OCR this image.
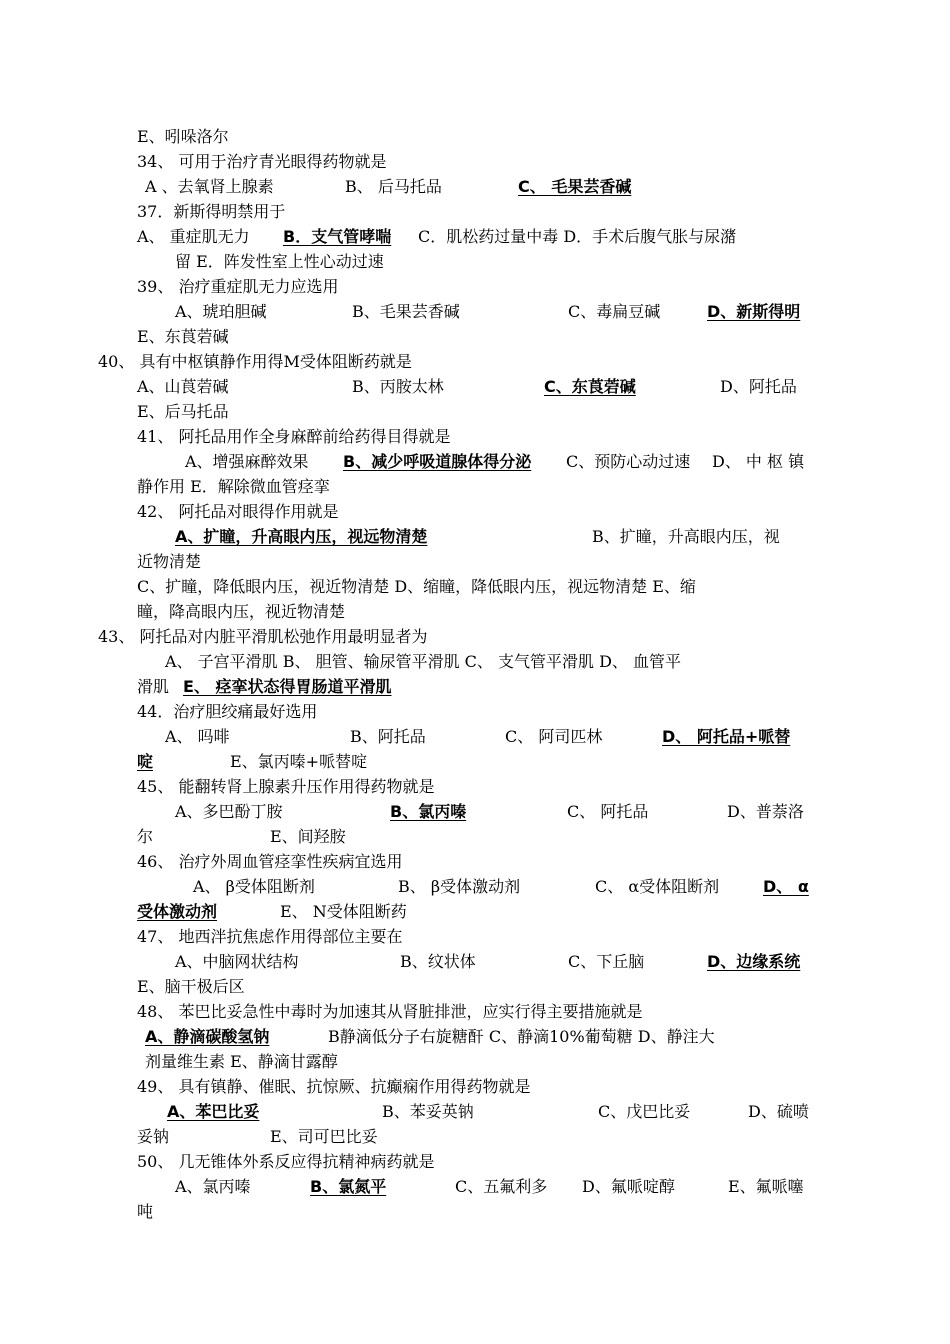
E、吲哚洛尔
34、 可用于治疗青光眼得药物就是
A 、去氧肾上腺素	B、 后马托品	C、 毛果芸香碱
37．新斯得明禁用于
A、 重症肌无力 B．支气管哮喘 C．肌松药过量中毒 D．手术后腹气胀与尿潴
留 E．阵发性室上性心动过速
39、 治疗重症肌无力应选用
A、琥珀胆碱	B、毛果芸香碱	C、毒扁豆碱	D、新斯得明
E、东莨菪碱
40、 具有中枢镇静作用得M受体阻断药就是
A、山莨菪碱	B、丙胺太林	C、东莨菪碱	D、阿托品
E、后马托品
41、 阿托品用作全身麻醉前给药得目得就是
A、增强麻醉效果 B、减少呼吸道腺体得分泌 C、预防心动过速 D、 中 枢 镇
静作用 E．解除微血管痉挛
42、 阿托品对眼得作用就是
A、扩瞳，升高眼内压，视远物清楚	B、扩瞳，升高眼内压，视
近物清楚
C、扩瞳，降低眼内压，视近物清楚 D、缩瞳，降低眼内压，视远物清楚 E、缩
瞳，降高眼内压，视近物清楚
43、 阿托品对内脏平滑肌松弛作用最明显者为
A、 子宫平滑肌 B、 胆管、输尿管平滑肌 C、 支气管平滑肌 D、 血管平
滑肌 E、 痉挛状态得胃肠道平滑肌
44．治疗胆绞痛最好选用
A、 吗啡	B、阿托品	C、 阿司匹林	D、 阿托品+哌替
啶	E、氯丙嗪+哌替啶
45、 能翻转肾上腺素升压作用得药物就是
A、多巴酚丁胺	B、氯丙嗪	C、 阿托品	D、普萘洛
尔	E、间羟胺
46、 治疗外周血管痉挛性疾病宜选用
A、 β受体阻断剂	B、 β受体激动剂	C、 α受体阻断剂	D、 α
受体激动剂	E、 N受体阻断药
47、 地西泮抗焦虑作用得部位主要在
A、中脑网状结构	B、纹状体	C、下丘脑	D、边缘系统
E、脑干极后区
48、 苯巴比妥急性中毒时为加速其从肾脏排泄，应实行得主要措施就是
A、静滴碳酸氢钠	B静滴低分子右旋糖酐 C、静滴10%葡萄糖 D、静注大
剂量维生素 E、静滴甘露醇
49、 具有镇静、催眠、抗惊厥、抗癫痫作用得药物就是
A、苯巴比妥	B、苯妥英钠	C、戊巴比妥	D、硫喷
妥钠	E、司可巴比妥
50、 几无锥体外系反应得抗精神病药就是
A、氯丙嗪	B、氯氮平	C、五氟利多 D、氟哌啶醇	E、氟哌噻
吨
